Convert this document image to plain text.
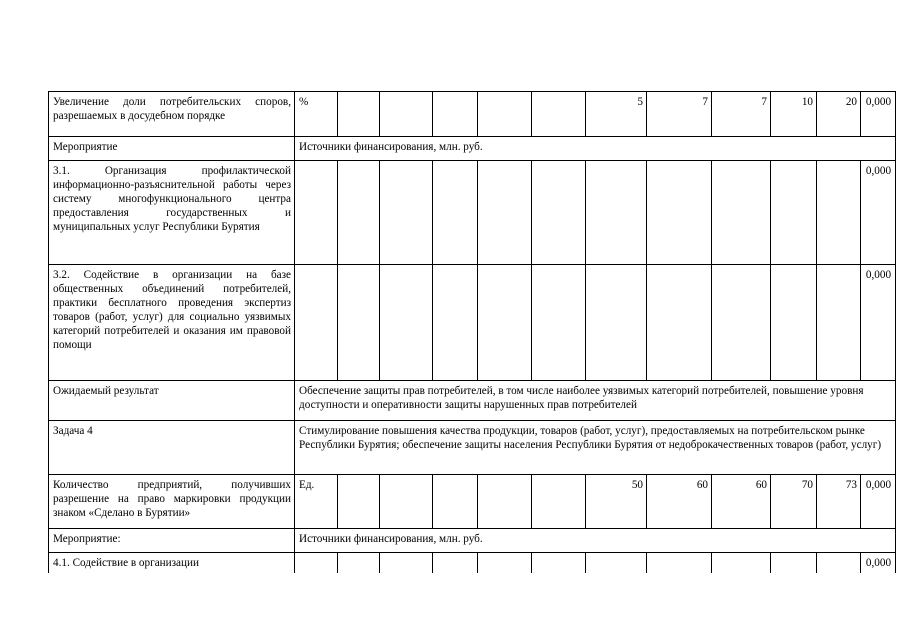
Увеличение доли потребительских споров, разрешаемых в досудебном порядке	%						5	7	7	10	20	0,000
Мероприятие	Источники финансирования, млн. руб.											
3.1. Организация профилактической информационно-разъяснительной работы через систему многофункционального центра предоставления государственных и муниципальных услуг Республики Бурятия												0,000
3.2. Содействие в организации на базе общественных объединений потребителей, практики бесплатного проведения экспертиз товаров (работ, услуг) для социально уязвимых категорий потребителей и оказания им правовой помощи												0,000
Ожидаемый результат	Обеспечение защиты прав потребителей, в том числе наиболее уязвимых категорий потребителей, повышение уровня доступности и оперативности защиты нарушенных прав потребителей											
Задача 4	Стимулирование повышения качества продукции, товаров (работ, услуг), предоставляемых на потребительском рынке Республики Бурятия; обеспечение защиты населения Республики Бурятия от недоброкачественных товаров (работ, услуг)											
Количество предприятий, получивших разрешение на право маркировки продукции знаком «Сделано в Бурятии»	Ед.						50	60	60	70	73	0,000
Мероприятие:	Источники финансирования, млн. руб.											
4.1. Содействие в организации												0,000
